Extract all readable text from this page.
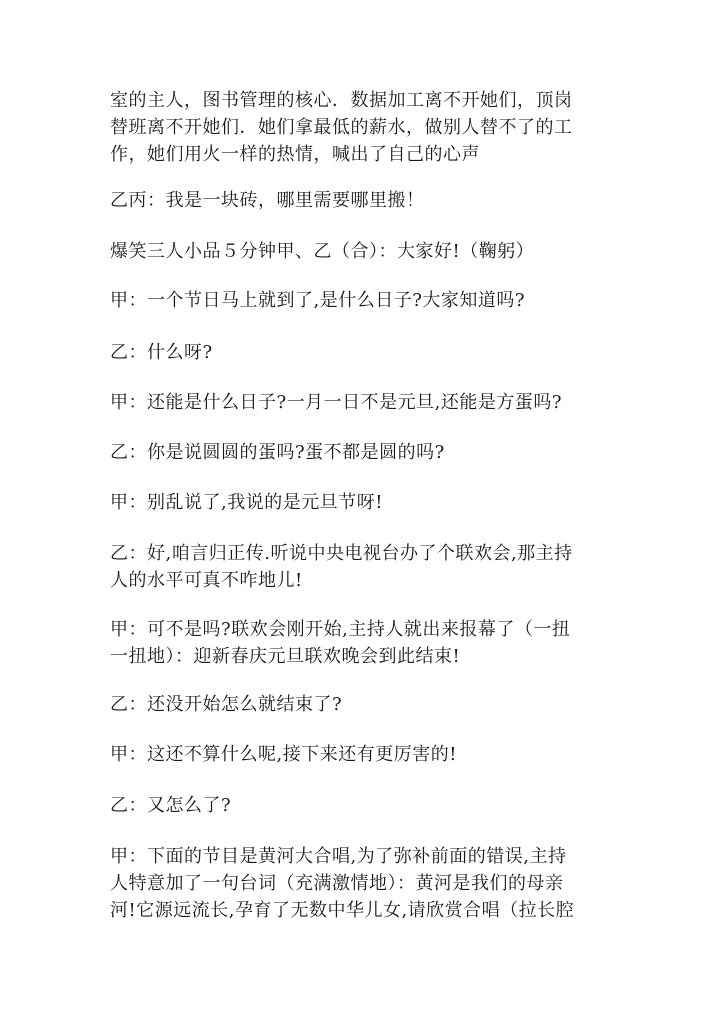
室的主人，图书管理的核心．数据加工离不开她们，顶岗
替班离不开她们．她们拿最低的薪水，做别人替不了的工
作，她们用火一样的热情，喊出了自己的心声

乙丙：我是一块砖，哪里需要哪里搬！

爆笑三人小品５分钟甲、乙（合）：大家好!（鞠躬）

甲：一个节日马上就到了,是什么日子?大家知道吗?

乙：什么呀?

甲：还能是什么日子?一月一日不是元旦,还能是方蛋吗?

乙：你是说圆圆的蛋吗?蛋不都是圆的吗?

甲：别乱说了,我说的是元旦节呀!

乙：好,咱言归正传.听说中央电视台办了个联欢会,那主持
人的水平可真不咋地儿!

甲：可不是吗?联欢会刚开始,主持人就出来报幕了（一扭
一扭地）：迎新春庆元旦联欢晚会到此结束!

乙：还没开始怎么就结束了?

甲：这还不算什么呢,接下来还有更厉害的!

乙：又怎么了?

甲：下面的节目是黄河大合唱,为了弥补前面的错误,主持
人特意加了一句台词（充满激情地）：黄河是我们的母亲
河!它源远流长,孕育了无数中华儿女,请欣赏合唱（拉长腔
